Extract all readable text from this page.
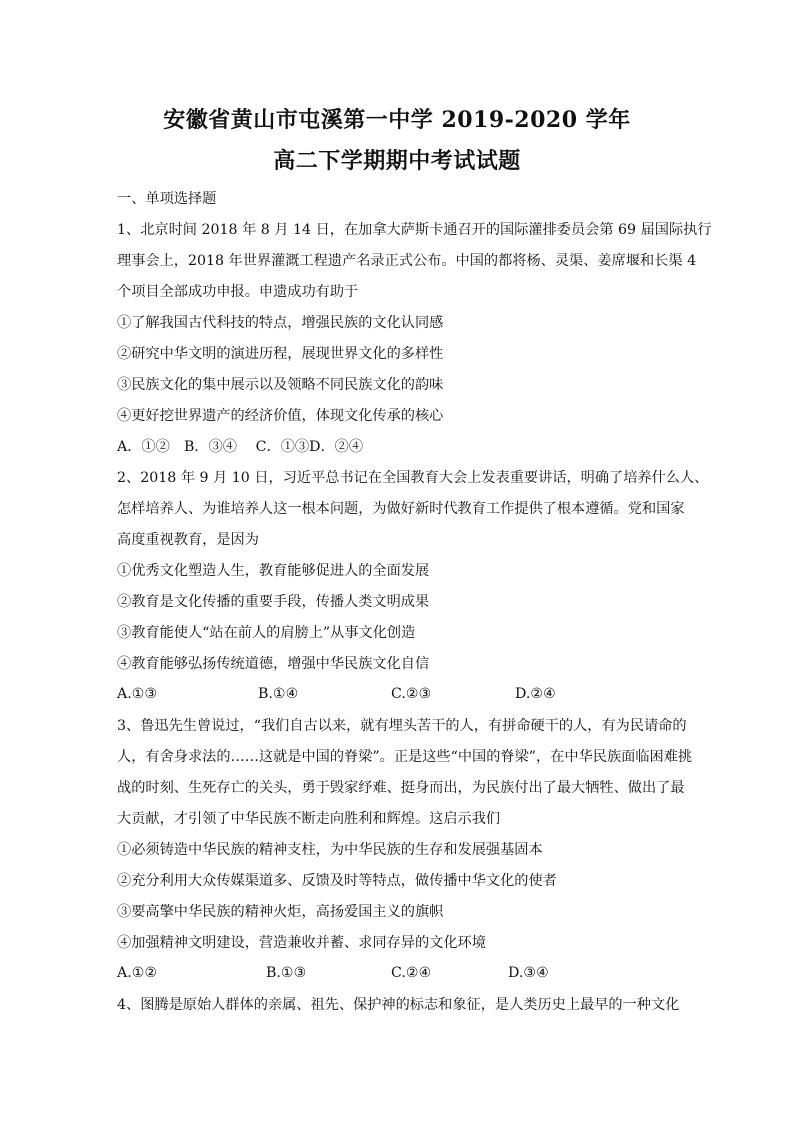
安徽省黄山市屯溪第一中学 2019-2020 学年
高二下学期期中考试试题
一、单项选择题
1、北京时间 2018 年 8 月 14 日，在加拿大萨斯卡通召开的国际灌排委员会第 69 届国际执行
理事会上，2018 年世界灌溉工程遗产名录正式公布。中国的都将杨、灵渠、姜席堰和长渠 4
个项目全部成功申报。申遗成功有助于
①了解我国古代科技的特点，增强民族的文化认同感
②研究中华文明的演进历程，展现世界文化的多样性
③民族文化的集中展示以及领略不同民族文化的韵味
④更好挖世界遗产的经济价值，体现文化传承的核心
A．①②　B．③④　 C．①③D．②④
2、2018 年 9 月 10 日，习近平总书记在全国教育大会上发表重要讲话，明确了培养什么人、
怎样培养人、为谁培养人这一根本问题，为做好新时代教育工作提供了根本遵循。党和国家
高度重视教育，是因为
①优秀文化塑造人生，教育能够促进人的全面发展
②教育是文化传播的重要手段，传播人类文明成果
③教育能使人“站在前人的肩膀上”从事文化创造
④教育能够弘扬传统道德，增强中华民族文化自信
A.①③	B.①④	C.②③	D.②④
3、鲁迅先生曾说过，“我们自古以来，就有埋头苦干的人，有拼命硬干的人，有为民请命的
人，有舍身求法的……这就是中国的脊梁”。正是这些“中国的脊梁”，在中华民族面临困难挑
战的时刻、生死存亡的关头，勇于毁家纾难、挺身而出，为民族付出了最大牺牲、做出了最
大贡献，才引领了中华民族不断走向胜利和辉煌。这启示我们
①必须铸造中华民族的精神支柱，为中华民族的生存和发展强基固本
②充分利用大众传媒渠道多、反馈及时等特点，做传播中华文化的使者
③要高擎中华民族的精神火炬，高扬爱国主义的旗帜
④加强精神文明建设，营造兼收并蓄、求同存异的文化环境
A.①②	B.①③	C.②④	D.③④
4、图腾是原始人群体的亲属、祖先、保护神的标志和象征，是人类历史上最早的一种文化
